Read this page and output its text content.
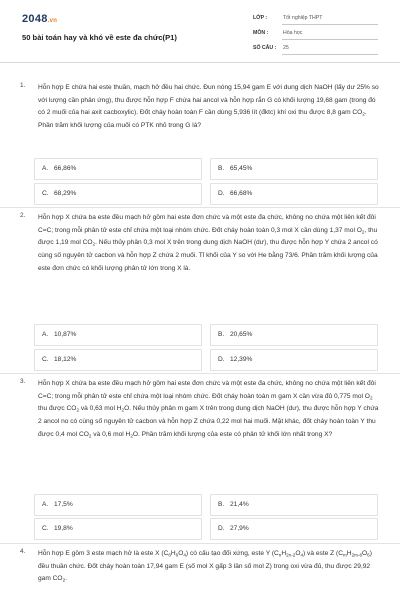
2048.vn
50 bài toán hay và khó về este đa chức(P1)
LỚP :	Tốt nghiệp THPT
MÔN :	Hóa học
SỐ CÂU :	25
1. Hỗn hợp E chứa hai este thuần, mạch hở đều hai chức. Đun nóng 15,94 gam E với dung dịch NaOH (lấy dư 25% so với lượng cần phản ứng), thu được hỗn hợp F chứa hai ancol và hỗn hợp rắn G có khối lượng 19,68 gam (trong đó có 2 muối của hai axit cacboxylic). Đốt cháy hoàn toàn F cần dùng 5,936 lít (đktc) khí oxi thu được 8,8 gam $CO_2$. Phần trăm khối lượng của muối có PTK nhỏ trong G là?
A. 66,86%	B. 65,45%
C. 68,29%	D. 66,68%
2. Hỗn hợp X chứa ba este đều mạch hở gồm hai este đơn chức và một este đa chức, không no chứa một liên kết đôi C=C; trong mỗi phân tử este chỉ chứa một loại nhóm chức. Đốt cháy hoàn toàn 0,3 mol X cần dùng 1,37 mol $O_2$, thu được 1,19 mol $CO_2$. Nếu thủy phân 0,3 mol X trên trong dung dịch NaOH (dư), thu được hỗn hợp Y chứa 2 ancol có cùng số nguyên tử cacbon và hỗn hợp Z chứa 2 muối. Tỉ khối của Y so với He bằng 73/6. Phần trăm khối lượng của este đơn chức có khối lượng phân tử lớn trong X là.
A. 10,87%	B. 20,65%
C. 18,12%	D. 12,39%
3. Hỗn hợp X chứa ba este đều mạch hở gồm hai este đơn chức và một este đa chức, không no chứa một liên kết đôi C=C; trong mỗi phân tử este chỉ chứa một loại nhóm chức. Đốt cháy hoàn toàn m gam X cần vừa đủ 0,775 mol $O_2$ thu được $CO_2$ và 0,63 mol $H_2O$. Nếu thủy phân m gam X trên trong dung dịch NaOH (dư), thu được hỗn hợp Y chứa 2 ancol no có cùng số nguyên tử cacbon và hỗn hợp Z chứa 0,22 mol hai muối. Mặt khác, đốt cháy hoàn toàn Y thu được 0,4 mol $CO_2$ và 0,6 mol $H_2O$. Phần trăm khối lượng của este có phân tử khối lớn nhất trong X?
A. 17,5%	B. 21,4%
C. 19,8%	D. 27,9%
4. Hỗn hợp E gồm 3 este mạch hở là este X $(C_6H_6O_4)$ có cấu tạo đối xứng, este Y $(C_nH_{2n-2}O_4)$ và este Z $(C_mH_{2m-6}O_6)$ đều thuần chức. Đốt cháy hoàn toàn 17,94 gam E (số mol X gấp 3 lần số mol Z) trong oxi vừa đủ, thu được 29,92 gam $CO_2$.
